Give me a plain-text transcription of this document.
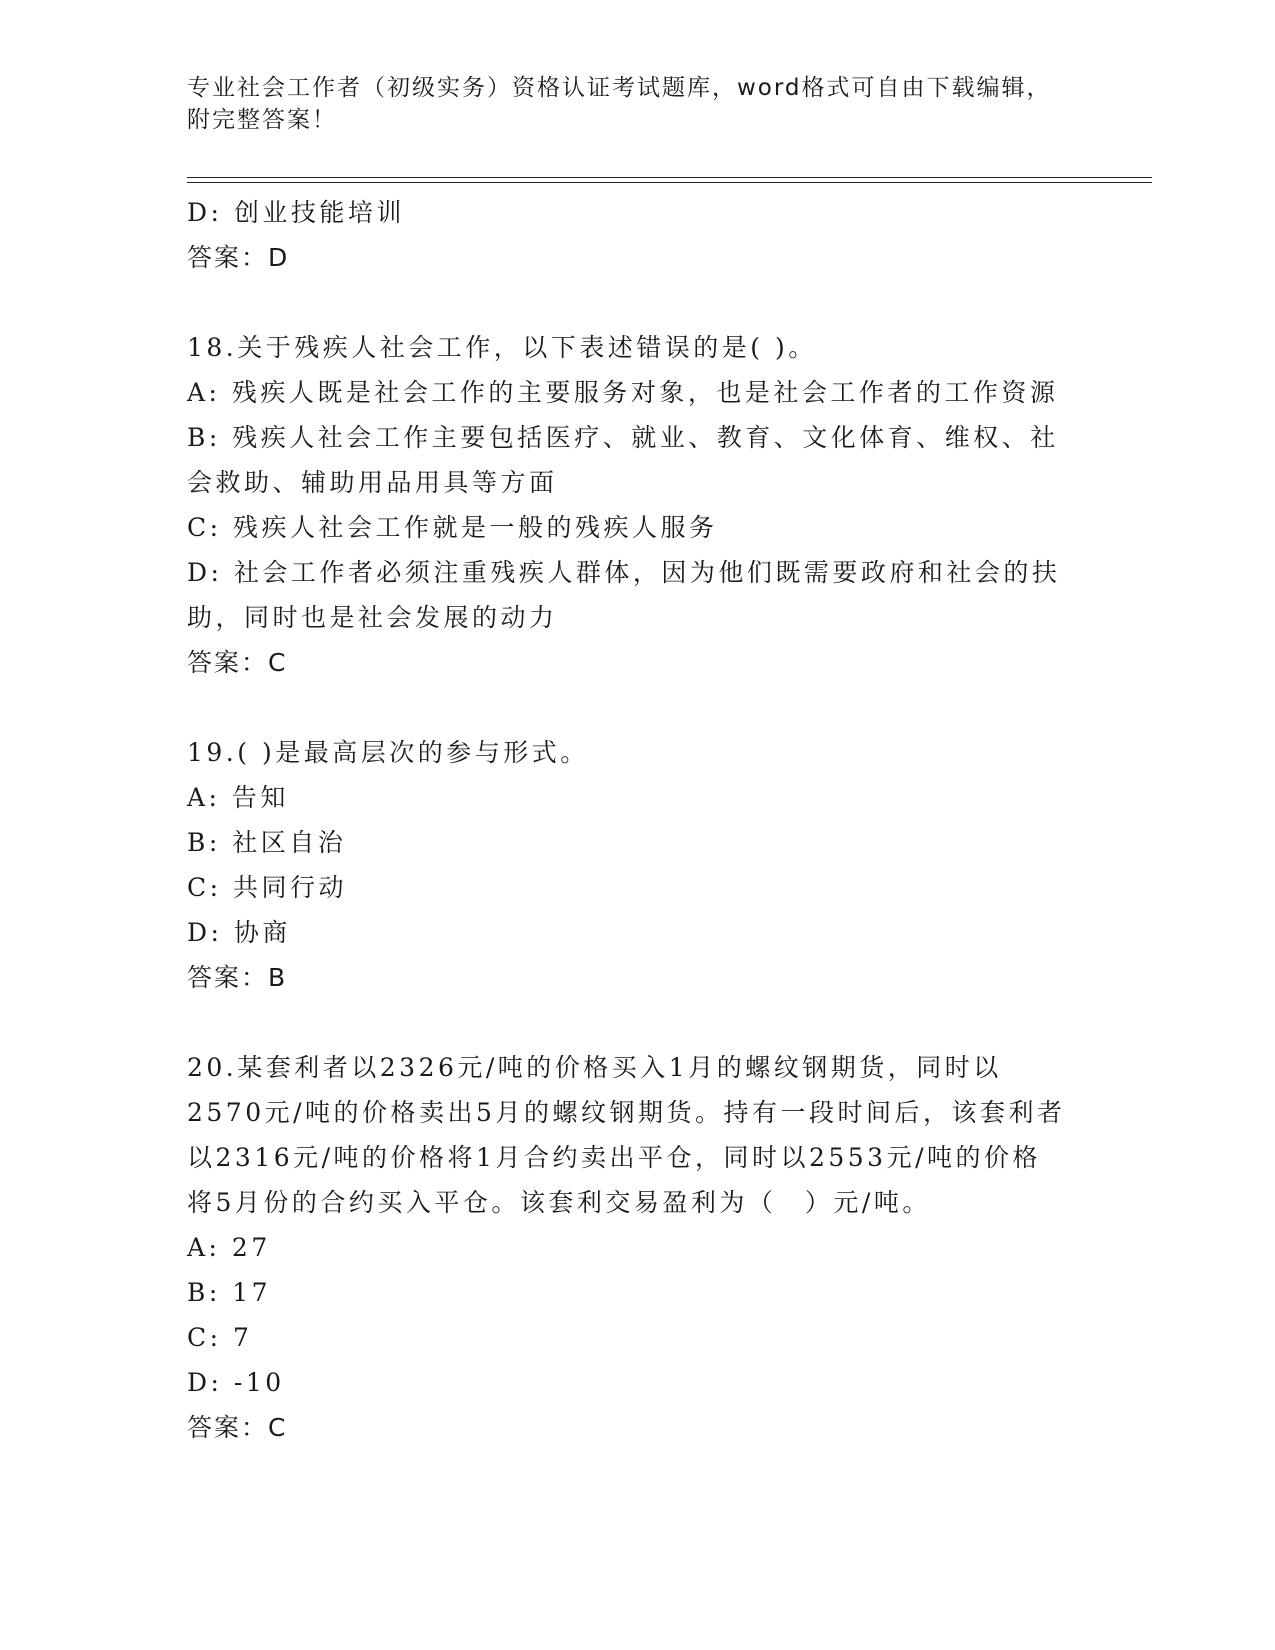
专业社会工作者（初级实务）资格认证考试题库，word格式可自由下载编辑，附完整答案！
D: 创业技能培训
答案：D
18.关于残疾人社会工作，以下表述错误的是( )。
A: 残疾人既是社会工作的主要服务对象，也是社会工作者的工作资源
B: 残疾人社会工作主要包括医疗、就业、教育、文化体育、维权、社会救助、辅助用品用具等方面
C: 残疾人社会工作就是一般的残疾人服务
D: 社会工作者必须注重残疾人群体，因为他们既需要政府和社会的扶助，同时也是社会发展的动力
答案：C
19.( )是最高层次的参与形式。
A: 告知
B: 社区自治
C: 共同行动
D: 协商
答案：B
20.某套利者以2326元/吨的价格买入1月的螺纹钢期货，同时以2570元/吨的价格卖出5月的螺纹钢期货。持有一段时间后，该套利者以2316元/吨的价格将1月合约卖出平仓，同时以2553元/吨的价格将5月份的合约买入平仓。该套利交易盈利为（　）元/吨。
A: 27
B: 17
C: 7
D: -10
答案：C
